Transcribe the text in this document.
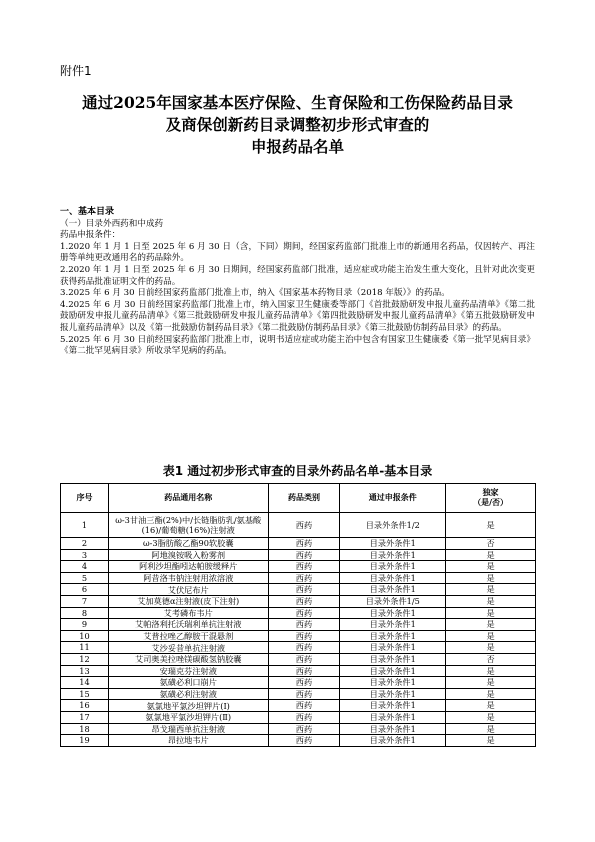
附件1
通过2025年国家基本医疗保险、生育保险和工伤保险药品目录
及商保创新药目录调整初步形式审查的
申报药品名单
一、基本目录

（一）目录外西药和中成药

药品申报条件：

1.2020 年 1 月 1 日至 2025 年 6 月 30 日（含，下同）期间，经国家药监部门批准上市的新通用名药品，仅因转产、再注册等单纯更改通用名的药品除外。

2.2020 年 1 月 1 日至 2025 年 6 月 30 日期间，经国家药监部门批准，适应症或功能主治发生重大变化，且针对此次变更获得药品批准证明文件的药品。

3.2025 年 6 月 30 日前经国家药监部门批准上市，纳入《国家基本药物目录（2018 年版）》的药品。

4.2025 年 6 月 30 日前经国家药监部门批准上市，纳入国家卫生健康委等部门《首批鼓励研发申报儿童药品清单》《第二批鼓励研发申报儿童药品清单》《第三批鼓励研发申报儿童药品清单》《第四批鼓励研发申报儿童药品清单》《第五批鼓励研发申报儿童药品清单》以及《第一批鼓励仿制药品目录》《第二批鼓励仿制药品目录》《第三批鼓励仿制药品目录》的药品。

5.2025 年 6 月 30 日前经国家药监部门批准上市，说明书适应症或功能主治中包含有国家卫生健康委《第一批罕见病目录》《第二批罕见病目录》所收录罕见病的药品。

表1 通过初步形式审查的目录外药品名单-基本目录
序号	药品通用名称	药品类别	通过申报条件	独家
（是/否）
1	ω-3甘油三酯(2%)中/长链脂肪乳/氨基酸(16)/葡萄糖(16%)注射液	西药	目录外条件1/2	是
2	ω-3脂肪酸乙酯90软胶囊	西药	目录外条件1	否
3	阿地溴铵吸入粉雾剂	西药	目录外条件1	是
4	阿利沙坦酯吲达帕胺缓释片	西药	目录外条件1	是
5	阿昔洛韦钠注射用浓溶液	西药	目录外条件1	是
6	艾伏尼布片	西药	目录外条件1	是
7	艾加莫德α注射液(皮下注射)	西药	目录外条件1/5	是
8	艾考磷布韦片	西药	目录外条件1	是
9	艾帕洛利托沃瑞利单抗注射液	西药	目录外条件1	是
10	艾普拉唑乙醇胺干混悬剂	西药	目录外条件1	是
11	艾沙妥昔单抗注射液	西药	目录外条件1	是
12	艾司奥美拉唑镁碳酸氢钠胶囊	西药	目录外条件1	否
13	安瑞克芬注射液	西药	目录外条件1	是
14	氨磺必利口崩片	西药	目录外条件1	是
15	氨磺必利注射液	西药	目录外条件1	是
16	氨氯地平氯沙坦钾片(Ⅰ)	西药	目录外条件1	是
17	氨氯地平氯沙坦钾片(Ⅱ)	西药	目录外条件1	是
18	昂戈瑞西单抗注射液	西药	目录外条件1	是
19	昂拉地韦片	西药	目录外条件1	是
